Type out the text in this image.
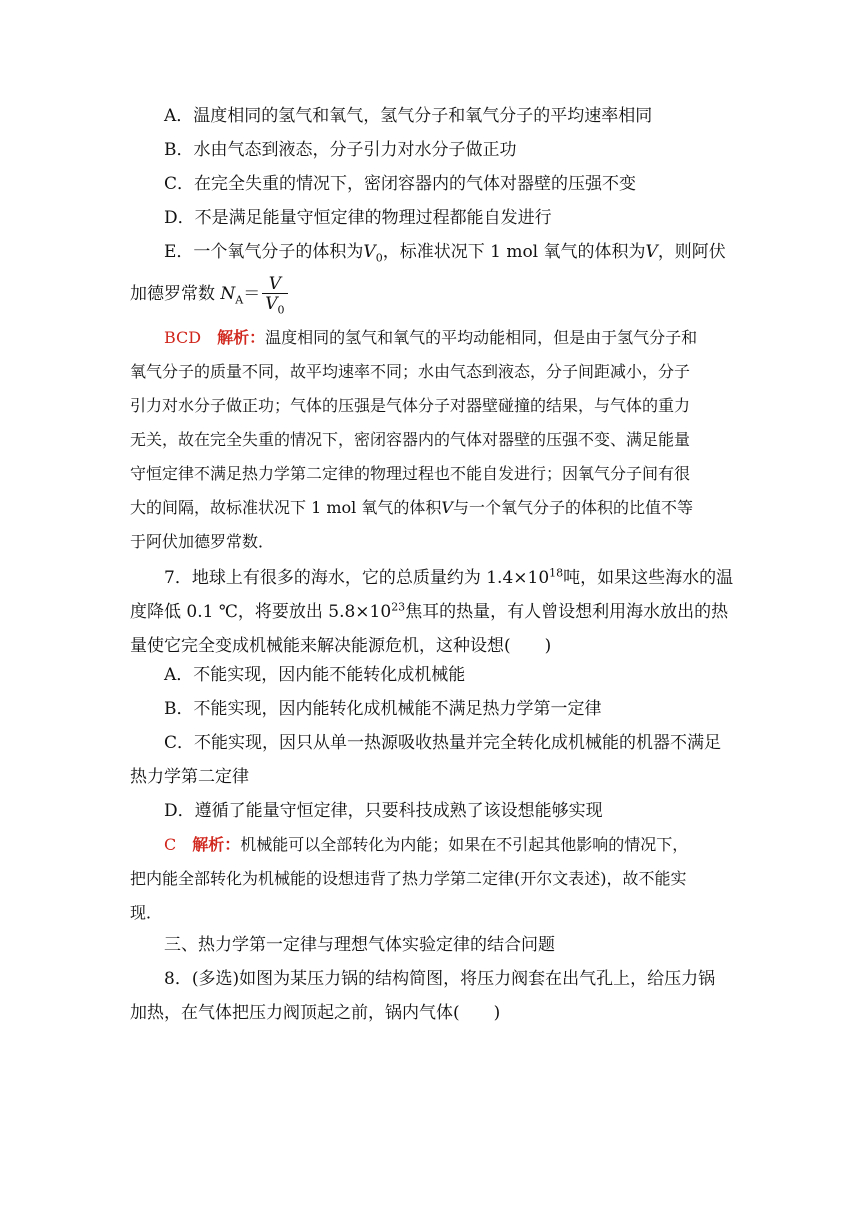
A．温度相同的氢气和氧气，氢气分子和氧气分子的平均速率相同
B．水由气态到液态，分子引力对水分子做正功
C．在完全失重的情况下，密闭容器内的气体对器壁的压强不变
D．不是满足能量守恒定律的物理过程都能自发进行
E．一个氧气分子的体积为$V_0$，标准状况下 1 mol 氧气的体积为V，则阿伏
加德罗常数 $N_A= \frac{V}{V_0}$
BCD　 解析：温度相同的氢气和氧气的平均动能相同，但是由于氢气分子和
氧气分子的质量不同，故平均速率不同；水由气态到液态，分子间距减小，分子
引力对水分子做正功；气体的压强是气体分子对器壁碰撞的结果，与气体的重力
无关，故在完全失重的情况下，密闭容器内的气体对器壁的压强不变、满足能量
守恒定律不满足热力学第二定律的物理过程也不能自发进行；因氧气分子间有很
大的间隔，故标准状况下 1 mol 氧气的体积V与一个氧气分子的体积的比值不等
于阿伏加德罗常数．
7．地球上有很多的海水，它的总质量约为 $1.4\times 10^{18}$吨，如果这些海水的温
度降低 0.1 ℃，将要放出 $5.8\times 10^{23}$焦耳的热量，有人曾设想利用海水放出的热
量使它完全变成机械能来解决能源危机，这种设想(　　)
A．不能实现，因内能不能转化成机械能
B．不能实现，因内能转化成机械能不满足热力学第一定律
C．不能实现，因只从单一热源吸收热量并完全转化成机械能的机器不满足
热力学第二定律
D．遵循了能量守恒定律，只要科技成熟了该设想能够实现
C　 解析：机械能可以全部转化为内能；如果在不引起其他影响的情况下，
把内能全部转化为机械能的设想违背了热力学第二定律(开尔文表述)，故不能实
现．
三、热力学第一定律与理想气体实验定律的结合问题
8．(多选)如图为某压力锅的结构简图，将压力阀套在出气孔上，给压力锅
加热，在气体把压力阀顶起之前，锅内气体(　　)
